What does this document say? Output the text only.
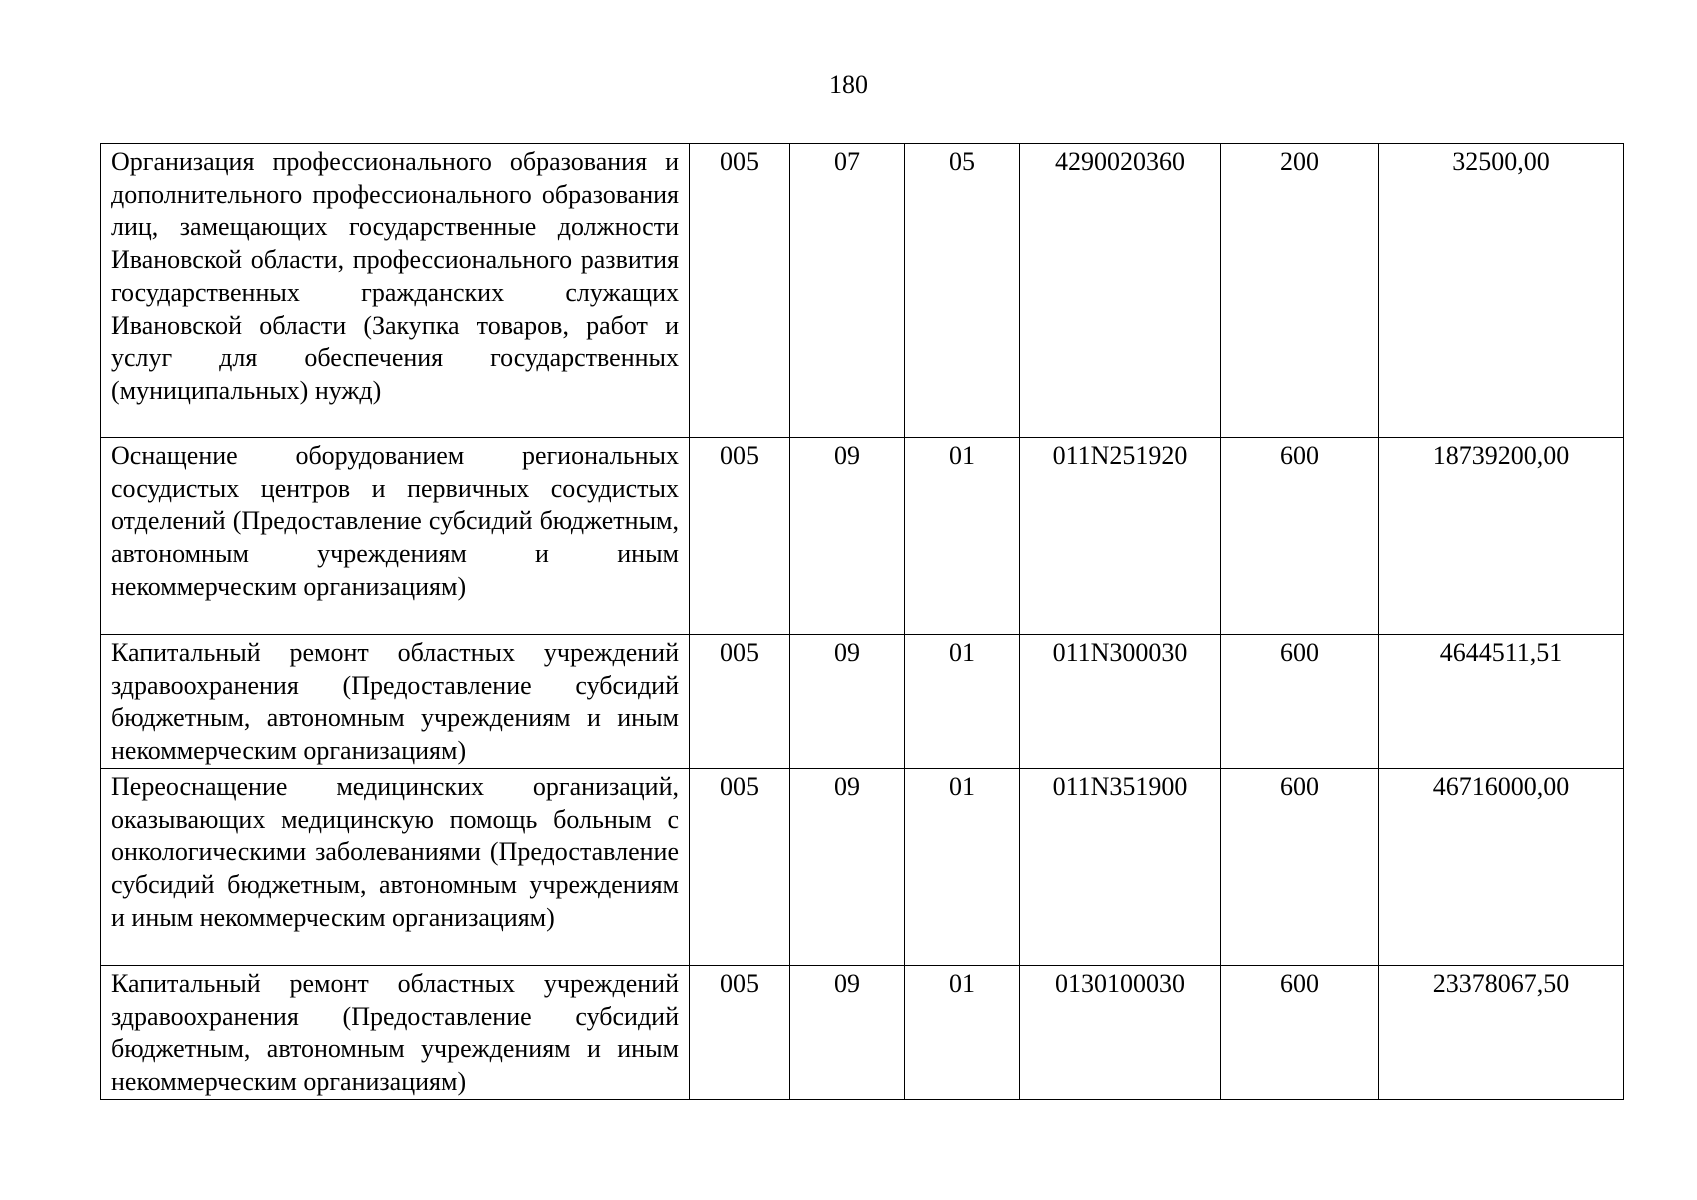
180
Организация профессионального образования и дополнительного профессионального образования лиц, замещающих государственные должности Ивановской области, профессионального развития государственных гражданских служащих Ивановской области (Закупка товаров, работ и услуг для обеспечения государственных (муниципальных) нужд)	005	07	05	4290020360	200	32500,00
Оснащение оборудованием региональных сосудистых центров и первичных сосудистых отделений (Предоставление субсидий бюджетным, автономным учреждениям и иным некоммерческим организациям)	005	09	01	011N251920	600	18739200,00
Капитальный ремонт областных учреждений здравоохранения (Предоставление субсидий бюджетным, автономным учреждениям и иным некоммерческим организациям)	005	09	01	011N300030	600	4644511,51
Переоснащение медицинских организаций, оказывающих медицинскую помощь больным с онкологическими заболеваниями (Предоставление субсидий бюджетным, автономным учреждениям и иным некоммерческим организациям)	005	09	01	011N351900	600	46716000,00
Капитальный ремонт областных учреждений здравоохранения (Предоставление субсидий бюджетным, автономным учреждениям и иным некоммерческим организациям)	005	09	01	0130100030	600	23378067,50
